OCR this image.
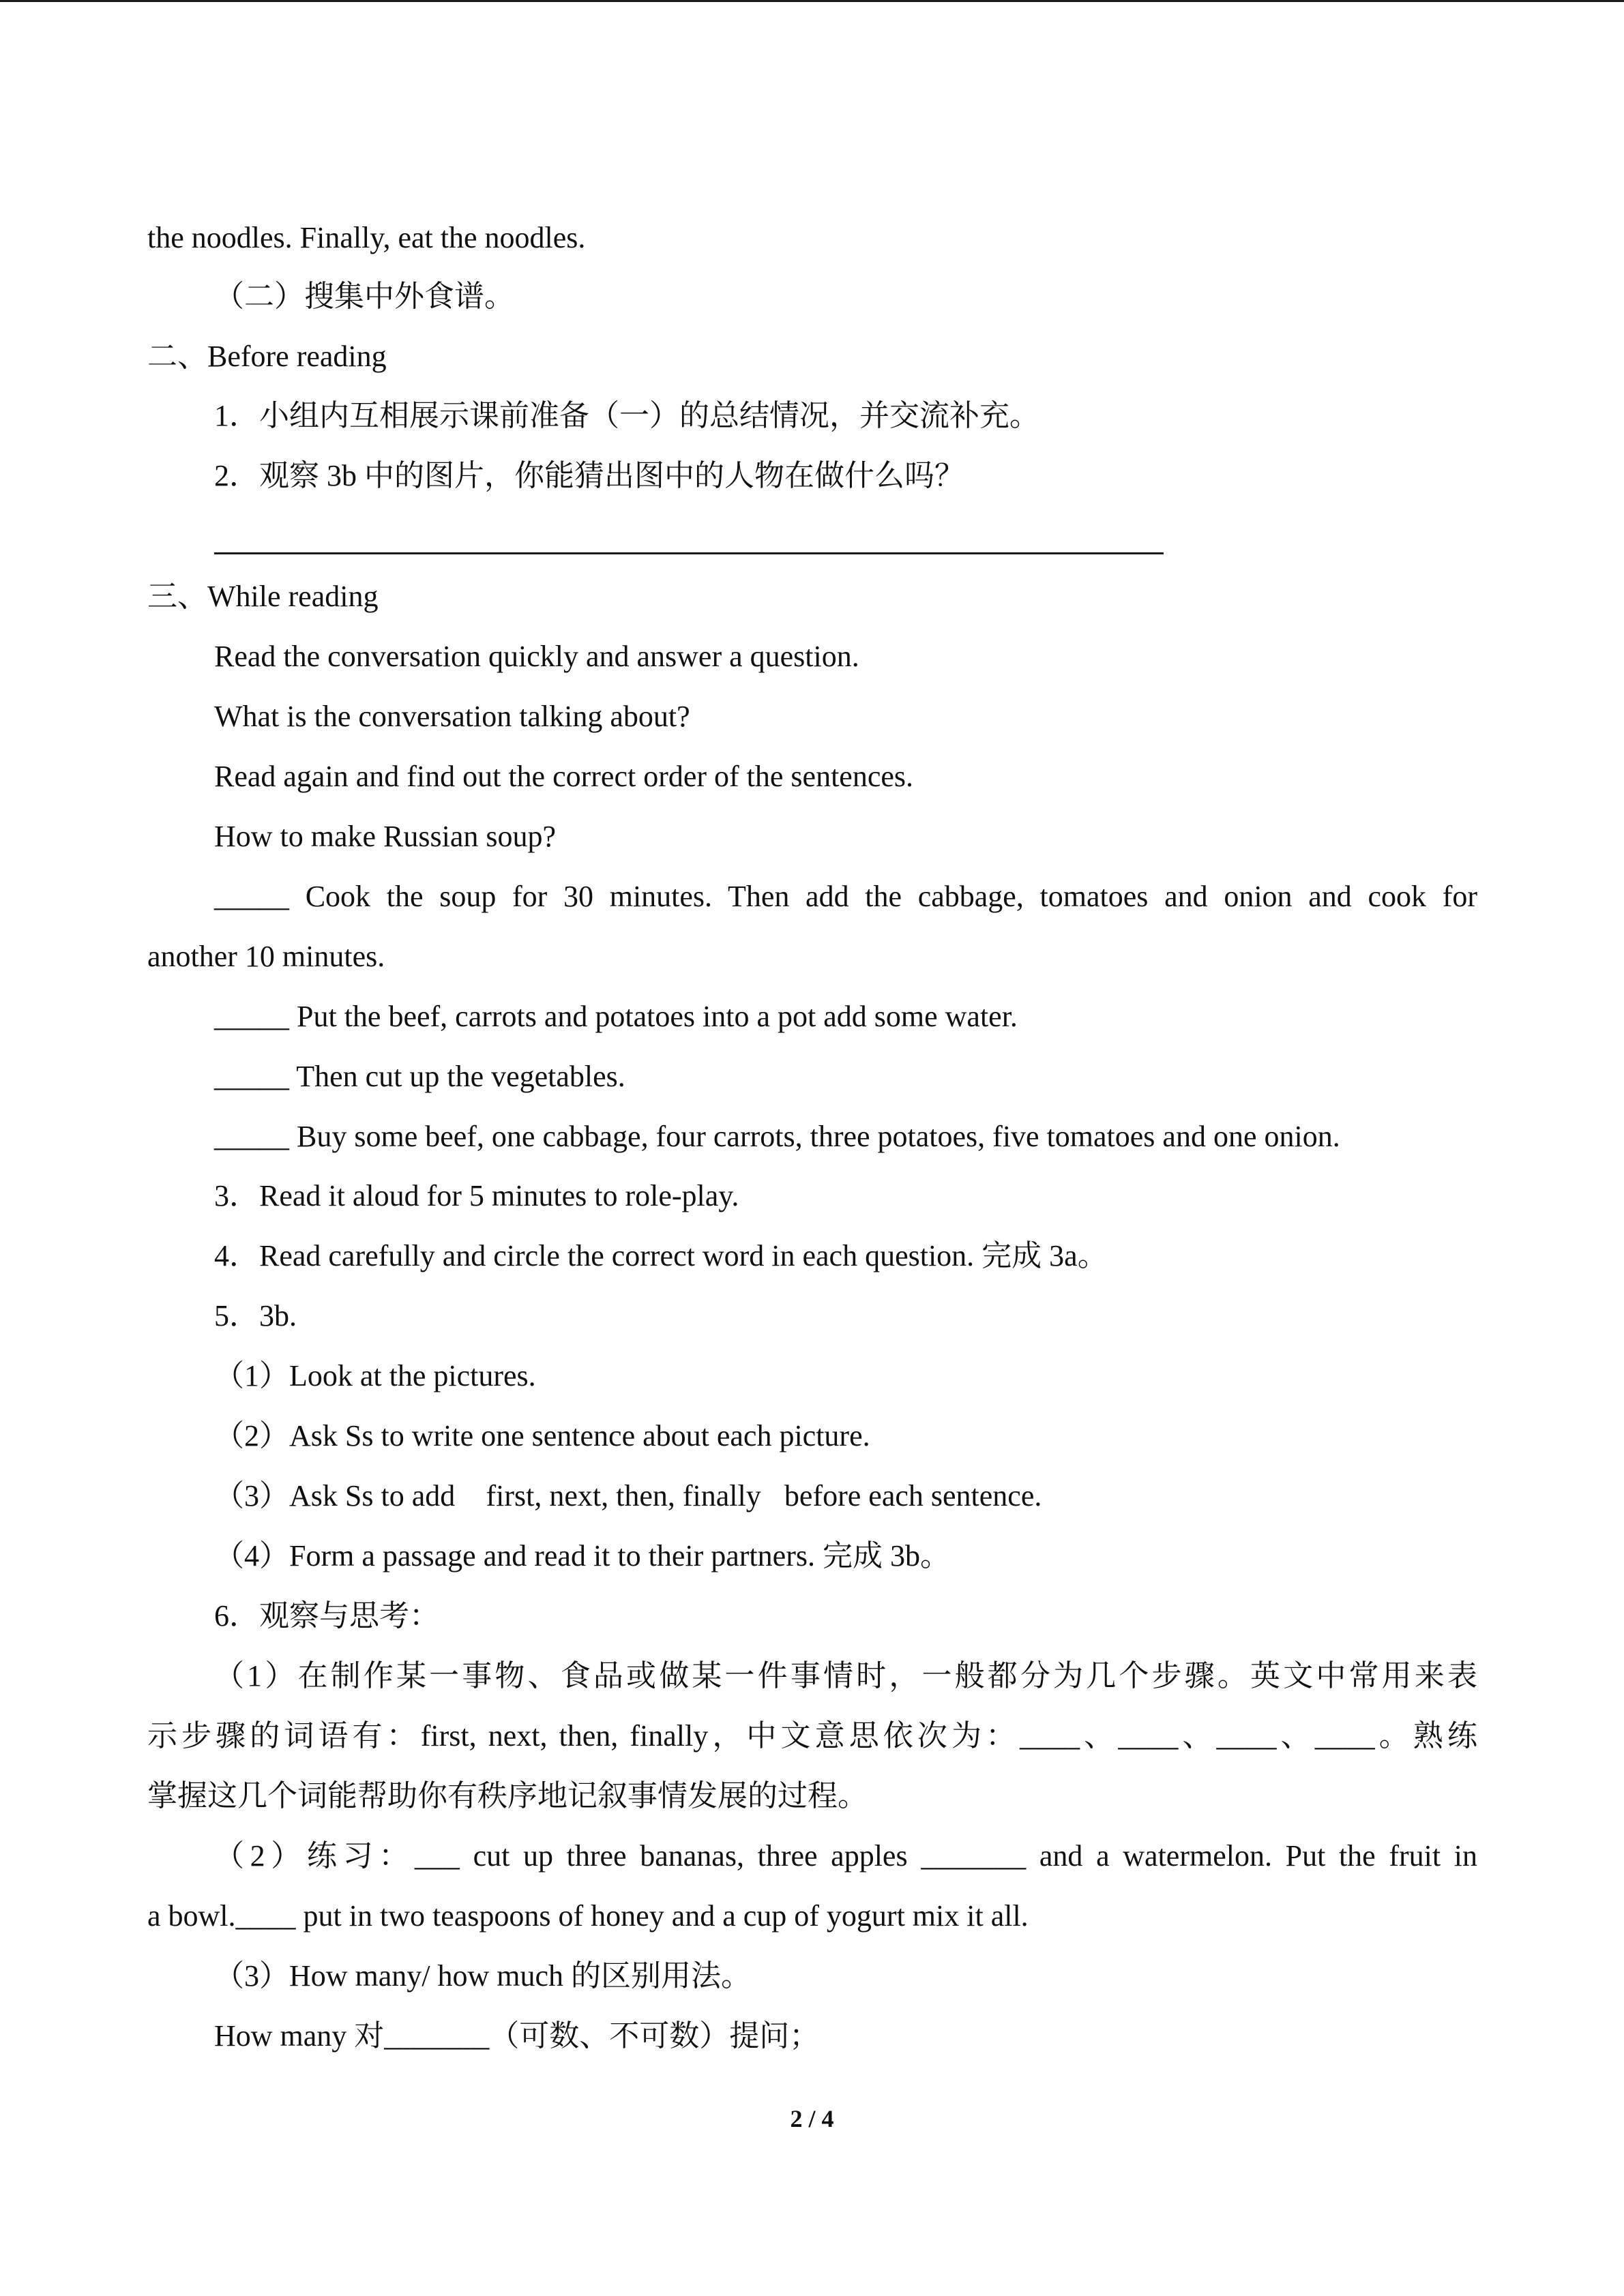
the noodles. Finally, eat the noodles.
（二）搜集中外食谱。
二、Before reading
1．小组内互相展示课前准备（一）的总结情况，并交流补充。
2．观察 3b 中的图片，你能猜出图中的人物在做什么吗？
三、While reading
Read the conversation quickly and answer a question.
What is the conversation talking about?
Read again and find out the correct order of the sentences.
How to make Russian soup?
_____ Cook the soup for 30 minutes. Then add the cabbage, tomatoes and onion and cook for
another 10 minutes.
_____ Put the beef, carrots and potatoes into a pot add some water.
_____ Then cut up the vegetables.
_____ Buy some beef, one cabbage, four carrots, three potatoes, five tomatoes and one onion.
3．Read it aloud for 5 minutes to role-play.
4．Read carefully and circle the correct word in each question. 完成 3a。
5．3b.
（1）Look at the pictures.
（2）Ask Ss to write one sentence about each picture.
（3）Ask Ss to add  first, next, then, finally before each sentence.
（4）Form a passage and read it to their partners. 完成 3b。
6．观察与思考：
（1）在制作某一事物、食品或做某一件事情时，一般都分为几个步骤。英文中常用来表
示步骤的词语有：first, next, then, finally，中文意思依次为：____、____、____、____。熟练
掌握这几个词能帮助你有秩序地记叙事情发展的过程。
（2）练习：___ cut up three bananas, three apples _______ and a watermelon. Put the fruit in
a bowl.____ put in two teaspoons of honey and a cup of yogurt mix it all.
（3）How many/ how much 的区别用法。
How many 对_______（可数、不可数）提问；
2 / 4
